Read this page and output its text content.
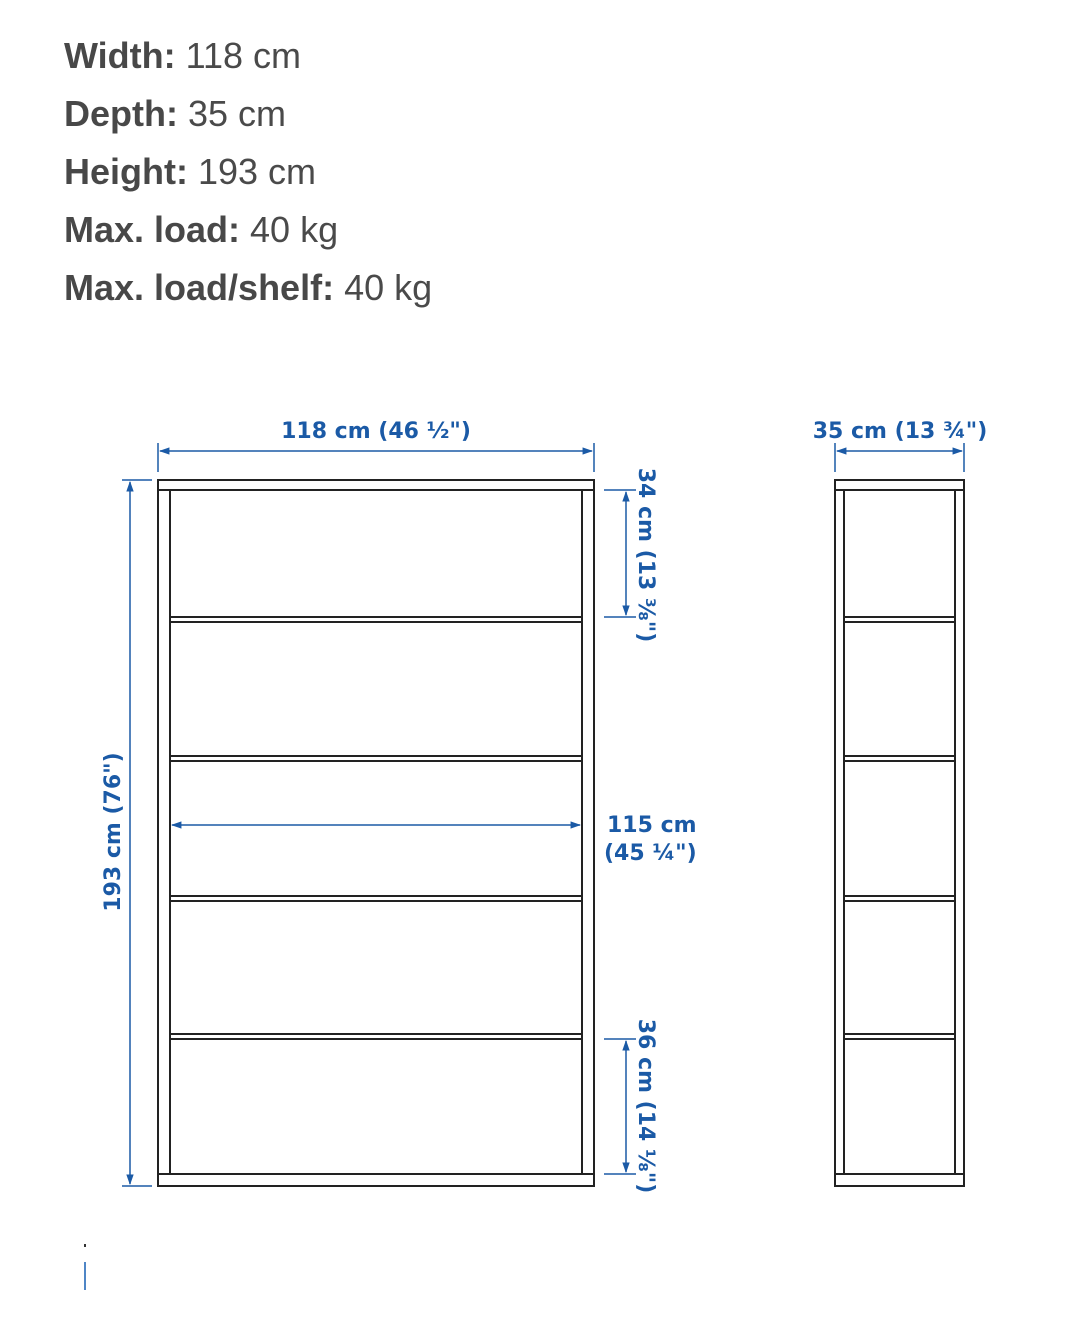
Width: 118 cm
Depth: 35 cm
Height: 193 cm
Max. load: 40 kg
Max. load/shelf: 40 kg
118 cm (46 ½")	35 cm (13 ¾")
193 cm (76")
34 cm (13 ⅜")
36 cm (14 ⅛")
115 cm
(45 ¼")
